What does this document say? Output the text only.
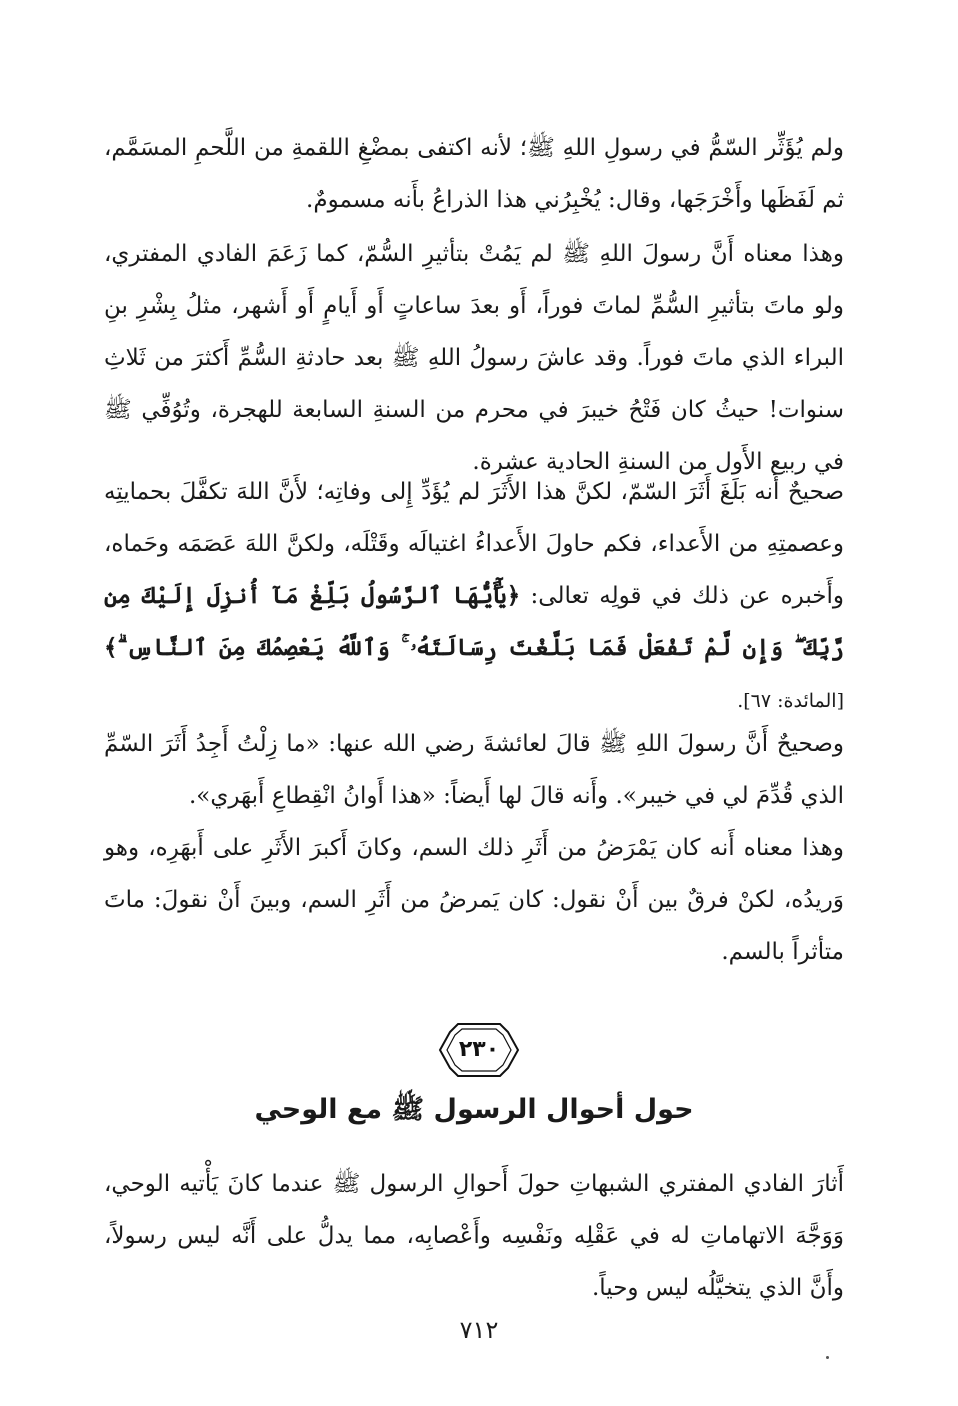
ولم يُؤَثِّر السّمُّ في رسولِ اللهِ ﷺ؛ لأنه اكتفى بمضْغِ اللقمةِ من اللَّحمِ المسَمَّم، ثم لَفَظَها وأَخْرَجَها، وقال: يُخْبِرُني هذا الذراعُ بأَنه مسمومٌ.

وهذا معناه أَنَّ رسولَ اللهِ ﷺ لم يَمُتْ بتأثيرِ السُّمّ، كما زَعَمَ الفادي المفتري، ولو ماتَ بتأثيرِ السُّمِّ لماتَ فوراً، أَو بعدَ ساعاتٍ أَو أَيامٍ أَو أَشهر، مثلُ بِشْرِ بنِ البراء الذي ماتَ فوراً. وقد عاشَ رسولُ اللهِ ﷺ بعد حادثةِ السُّمِّ أَكثرَ من ثَلاثِ سنوات! حيثُ كان فَتْحُ خيبرَ في محرم من السنةِ السابعة للهجرة، وتُوُفِّي ﷺ في ربيع الأَول من السنةِ الحادية عشرة.

صحيحٌ أَنه بَلَغَ أَثَرَ السّمّ، لكنَّ هذا الأَثَرَ لم يُؤَدِّ إِلى وفاتِه؛ لأَنَّ اللهَ تكفَّلَ بحمايتِه وعصمتِهِ من الأَعداء، فكم حاولَ الأَعداءُ اغتيالَه وقَتْلَه، ولكنَّ اللهَ عَصَمَه وحَماه، وأَخبره عن ذلك في قولِه تعالى: ﴿يَٰٓأَيُّهَا ٱلرَّسُولُ بَلِّغْ مَآ أُنزِلَ إِلَيْكَ مِن رَّبِّكَ ۖ وَإِن لَّمْ تَفْعَلْ فَمَا بَلَّغْتَ رِسَالَتَهُۥ ۚ وَٱللَّهُ يَعْصِمُكَ مِنَ ٱلنَّاسِ ۗ﴾ [المائدة: ٦٧].

وصحيحٌ أَنَّ رسولَ اللهِ ﷺ قالَ لعائشةَ رضي الله عنها: «ما زِلْتُ أَجِدُ أَثَرَ السّمِّ الذي قُدِّمَ لي في خيبر». وأَنه قالَ لها أَيضاً: «هذا أَوانُ انْقِطاعِ أَبهَري».

وهذا معناه أَنه كان يَمْرَضُ من أَثَرِ ذلك السم، وكانَ أَكبرَ الأَثَرِ على أَبهَرِه، وهو وَريدُه، لكنْ فرقٌ بين أَنْ نقول: كان يَمرضُ من أَثَرِ السم، وبينَ أَنْ نقولَ: ماتَ متأثراً بالسم.

٢٣٠
حول أحوال الرسول ﷺ مع الوحي

أَثارَ الفادي المفتري الشبهاتِ حولَ أَحوالِ الرسول ﷺ عندما كانَ يَأْتيه الوحي، وَوَجَّهَ الاتهاماتِ له في عَقْلِه ونَفْسِه وأَعْصابِه، مما يدلُّ على أَنَّه ليس رسولاً، وأَنَّ الذي يتخيَّلُه ليس وحياً.

٧١٢
